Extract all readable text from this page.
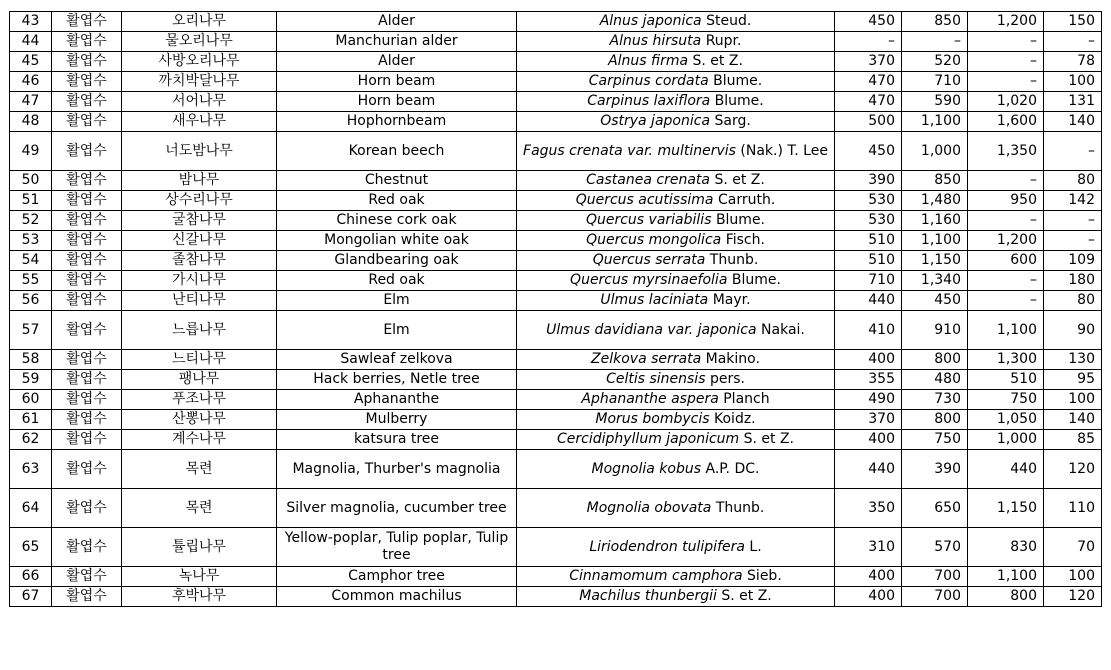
43	활엽수	오리나무	Alder	Alnus japonica Steud.	450	850	1,200	150
44	활엽수	물오리나무	Manchurian alder	Alnus hirsuta Rupr.	–	–	–	–
45	활엽수	사방오리나무	Alder	Alnus firma S. et Z.	370	520	–	78
46	활엽수	까치박달나무	Horn beam	Carpinus cordata Blume.	470	710	–	100
47	활엽수	서어나무	Horn beam	Carpinus laxiflora Blume.	470	590	1,020	131
48	활엽수	새우나무	Hophornbeam	Ostrya japonica Sarg.	500	1,100	1,600	140
49	활엽수	너도밤나무	Korean beech	Fagus crenata var. multinervis (Nak.) T. Lee	450	1,000	1,350	–
50	활엽수	밤나무	Chestnut	Castanea crenata S. et Z.	390	850	–	80
51	활엽수	상수리나무	Red oak	Quercus acutissima Carruth.	530	1,480	950	142
52	활엽수	굴참나무	Chinese cork oak	Quercus variabilis Blume.	530	1,160	–	–
53	활엽수	신갈나무	Mongolian white oak	Quercus mongolica Fisch.	510	1,100	1,200	–
54	활엽수	졸참나무	Glandbearing oak	Quercus serrata Thunb.	510	1,150	600	109
55	활엽수	가시나무	Red oak	Quercus myrsinaefolia Blume.	710	1,340	–	180
56	활엽수	난티나무	Elm	Ulmus laciniata Mayr.	440	450	–	80
57	활엽수	느릅나무	Elm	Ulmus davidiana var. japonica Nakai.	410	910	1,100	90
58	활엽수	느티나무	Sawleaf zelkova	Zelkova serrata Makino.	400	800	1,300	130
59	활엽수	팽나무	Hack berries, Netle tree	Celtis sinensis pers.	355	480	510	95
60	활엽수	푸조나무	Aphananthe	Aphananthe aspera Planch	490	730	750	100
61	활엽수	산뽕나무	Mulberry	Morus bombycis Koidz.	370	800	1,050	140
62	활엽수	계수나무	katsura tree	Cercidiphyllum japonicum S. et Z.	400	750	1,000	85
63	활엽수	목련	Magnolia, Thurber's magnolia	Mognolia kobus A.P. DC.	440	390	440	120
64	활엽수	목련	Silver magnolia, cucumber tree	Mognolia obovata Thunb.	350	650	1,150	110
65	활엽수	튤립나무	Yellow-poplar, Tulip poplar, Tulip tree	Liriodendron tulipifera L.	310	570	830	70
66	활엽수	녹나무	Camphor tree	Cinnamomum camphora Sieb.	400	700	1,100	100
67	활엽수	후박나무	Common machilus	Machilus thunbergii S. et Z.	400	700	800	120
